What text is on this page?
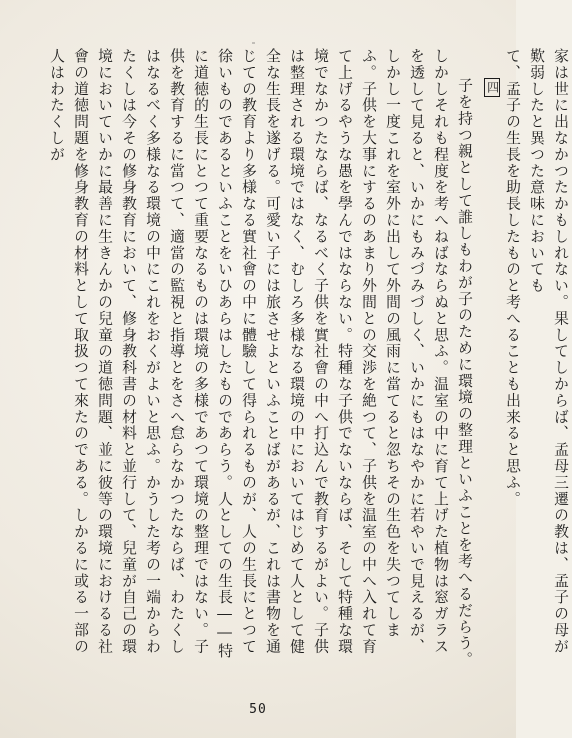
家は世に出なかつたかもしれない。果してしからば、孟母三遷の教は、孟子の母が歎弱したと異つた意味においても

て、孟子の生長を助長したものと考へることも出来ると思ふ。

四

子を持つ親として誰しもわが子のために環境の整理といふことを考へるだらう。しかしそれも程度を考へねばならぬと思ふ。温室の中に育て上げた植物は窓ガラスを透して見ると、いかにもみづみづしく、いかにもはなやかに若やいで見えるが、しかし一度これを室外に出して外間の風雨に當てると忽ちその生色を失つてしまふ。子供を大事にするのあまり外間との交渉を絶つて、子供を温室の中へ入れて育て上げるやうな愚を學んではならない。特種な子供でないならば、そして特種な環境でなかつたならば、なるべく子供を實社會の中へ打込んで教育するがよい。子供は整理される環境ではなく、むしろ多様なる環境の中においてはじめて人として健全な生長を遂げる。可愛い子には旅させよといふことばがあるが、これは書物を通じての教育より多様なる實社會の中に體驗して得られるものが、人の生長にとつて徐いものであるといふことをいひあらはしたものであらう。人としての生長――特に道徳的生長にとつて重要なるものは環境の多様であつて環境の整理ではない。子供を教育するに當つて、適當の監視と指導とをさへ怠らなかつたならば、わたくしはなるべく多様なる環境の中にこれをおくがよいと思ふ。かうした考の一端からわたくしは今その修身教育において、修身教科書の材料と並行して、兒童が自己の環境においていかに最善に生きんかの兒童の道徳問題、並に彼等の環境におけるる社會の道徳問題を修身教育の材料として取扱つて來たのである。しかるに或る一部の人はわたくしが

50
